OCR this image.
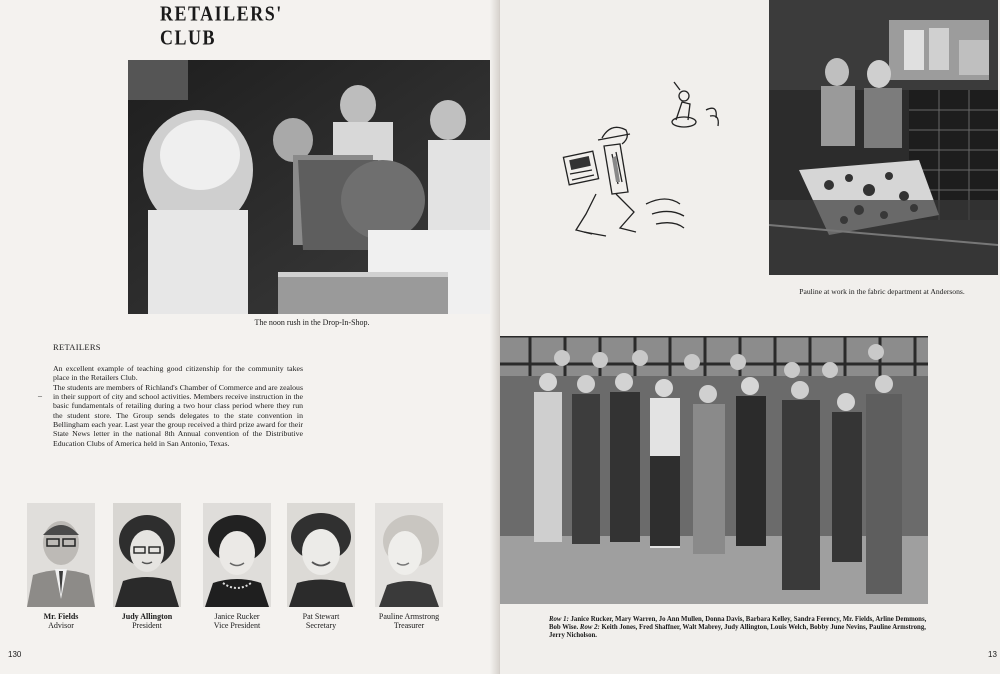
RETAILERS' CLUB
The noon rush in the Drop-In-Shop.
RETAILERS
–

An excellent example of teaching good citizenship for the community takes place in the Retailers Club.

The students are members of Richland's Chamber of Commerce and are zealous in their support of city and school activities. Members receive instruction in the basic fundamentals of retailing during a two hour class period where they run the student store. The Group sends delegates to the state convention in Bellingham each year. Last year the group received a third prize award for their State News letter in the national 8th Annual convention of the Distributive Education Clubs of America held in San Antonio, Texas.

Mr. Fields
Advisor
Judy Allington
President
Janice Rucker
Vice President
Pat Stewart
Secretary
Pauline Armstrong
Treasurer
130
Pauline at work in the fabric department at Andersons.
Row 1: Janice Rucker, Mary Warren, Jo Ann Mullen, Donna Davis, Barbara Kelley, Sandra Ferency, Mr. Fields, Arline Demmons, Bob Wise. Row 2: Keith Jones, Fred Shaffner, Walt Mabrey, Judy Allington, Louis Welch, Bobby June Nevins, Pauline Armstrong, Jerry Nicholson.
13
